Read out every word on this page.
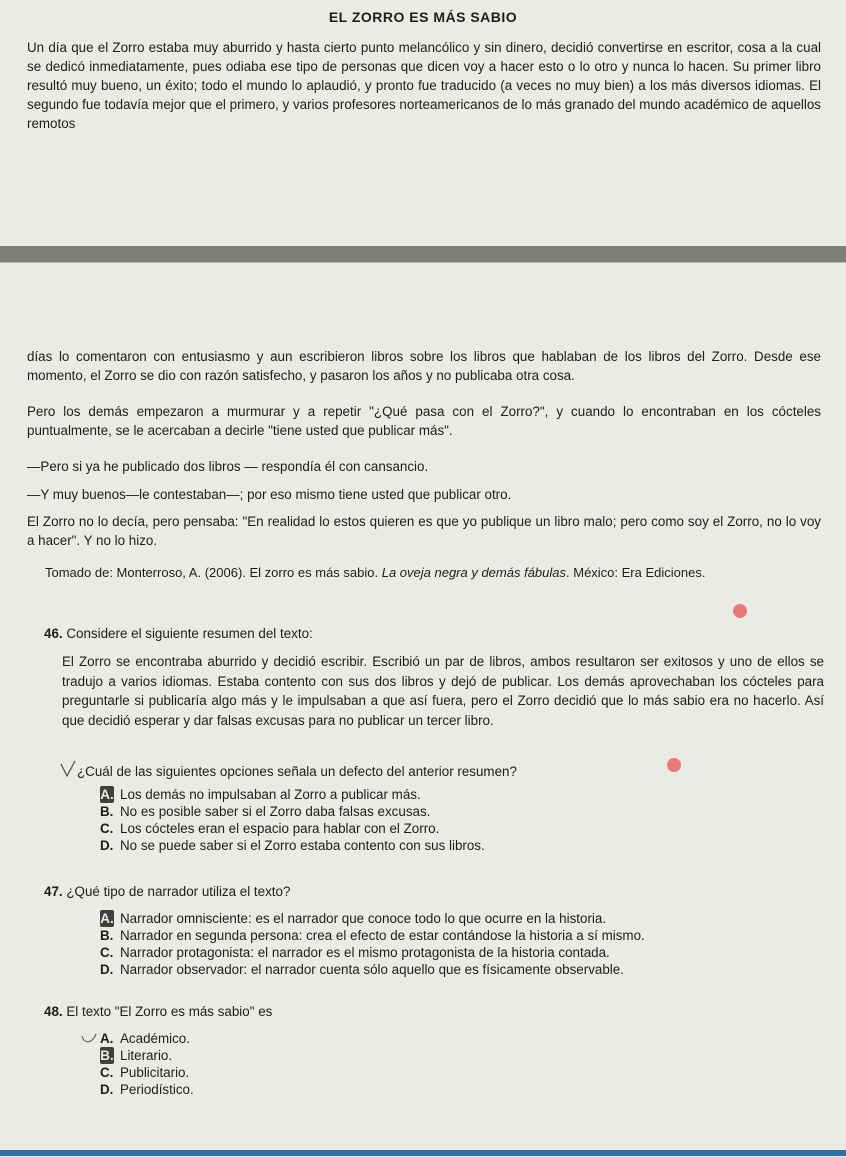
EL ZORRO ES MÁS SABIO

Un día que el Zorro estaba muy aburrido y hasta cierto punto melancólico y sin dinero, decidió convertirse en escritor, cosa a la cual se dedicó inmediatamente, pues odiaba ese tipo de personas que dicen voy a hacer esto o lo otro y nunca lo hacen. Su primer libro resultó muy bueno, un éxito; todo el mundo lo aplaudió, y pronto fue traducido (a veces no muy bien) a los más diversos idiomas. El segundo fue todavía mejor que el primero, y varios profesores norteamericanos de lo más granado del mundo académico de aquellos remotos

días lo comentaron con entusiasmo y aun escribieron libros sobre los libros que hablaban de los libros del Zorro. Desde ese momento, el Zorro se dio con razón satisfecho, y pasaron los años y no publicaba otra cosa.

Pero los demás empezaron a murmurar y a repetir "¿Qué pasa con el Zorro?", y cuando lo encontraban en los cócteles puntualmente, se le acercaban a decirle "tiene usted que publicar más".

—Pero si ya he publicado dos libros — respondía él con cansancio.

—Y muy buenos—le contestaban—; por eso mismo tiene usted que publicar otro.

El Zorro no lo decía, pero pensaba: "En realidad lo estos quieren es que yo publique un libro malo; pero como soy el Zorro, no lo voy a hacer". Y no lo hizo.

Tomado de: Monterroso, A. (2006). El zorro es más sabio. La oveja negra y demás fábulas. México: Era Ediciones.

46. Considere el siguiente resumen del texto:

El Zorro se encontraba aburrido y decidió escribir. Escribió un par de libros, ambos resultaron ser exitosos y uno de ellos se tradujo a varios idiomas. Estaba contento con sus dos libros y dejó de publicar. Los demás aprovechaban los cócteles para preguntarle si publicaría algo más y le impulsaban a que así fuera, pero el Zorro decidió que lo más sabio era no hacerlo. Así que decidió esperar y dar falsas excusas para no publicar un tercer libro.

¿Cuál de las siguientes opciones señala un defecto del anterior resumen?

A. Los demás no impulsaban al Zorro a publicar más.
B. No es posible saber si el Zorro daba falsas excusas.
C. Los cócteles eran el espacio para hablar con el Zorro.
D. No se puede saber si el Zorro estaba contento con sus libros.

47. ¿Qué tipo de narrador utiliza el texto?

A. Narrador omnisciente: es el narrador que conoce todo lo que ocurre en la historia.
B. Narrador en segunda persona: crea el efecto de estar contándose la historia a sí mismo.
C. Narrador protagonista: el narrador es el mismo protagonista de la historia contada.
D. Narrador observador: el narrador cuenta sólo aquello que es físicamente observable.

48. El texto "El Zorro es más sabio" es

A. Académico.
B. Literario.
C. Publicitario.
D. Periodístico.
